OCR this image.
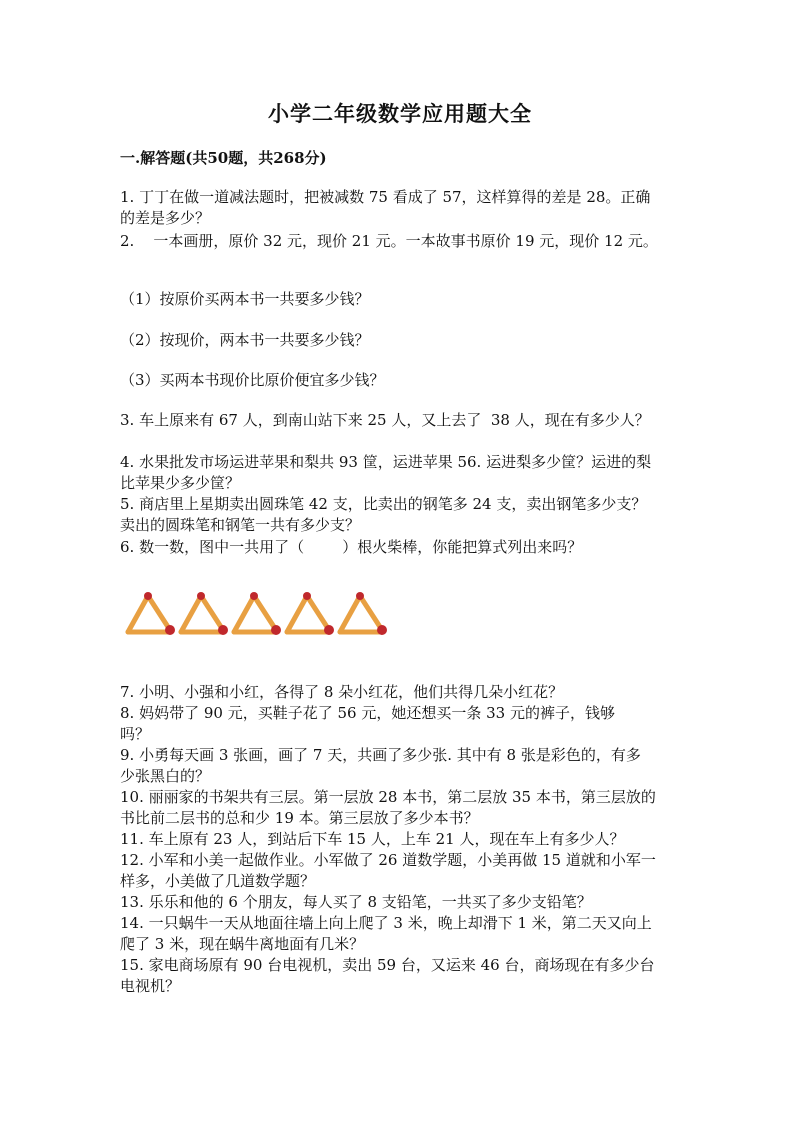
小学二年级数学应用题大全
一.解答题(共50题，共268分)
1. 丁丁在做一道减法题时，把被减数 75 看成了 57，这样算得的差是 28。正确
的差是多少？
2.    一本画册，原价 32 元，现价 21 元。一本故事书原价 19 元，现价 12 元。
（1）按原价买两本书一共要多少钱？
（2）按现价，两本书一共要多少钱？
（3）买两本书现价比原价便宜多少钱？
3. 车上原来有 67 人，到南山站下来 25 人，又上去了  38 人，现在有多少人？
4. 水果批发市场运进苹果和梨共 93 筐，运进苹果 56. 运进梨多少筐？运进的梨
比苹果少多少筐？
5. 商店里上星期卖出圆珠笔 42 支，比卖出的钢笔多 24 支，卖出钢笔多少支？
卖出的圆珠笔和钢笔一共有多少支？
6. 数一数，图中一共用了（        ）根火柴棒，你能把算式列出来吗？
7. 小明、小强和小红，各得了 8 朵小红花，他们共得几朵小红花？
8. 妈妈带了 90 元，买鞋子花了 56 元，她还想买一条 33 元的裤子，钱够
吗？
9. 小勇每天画 3 张画，画了 7 天，共画了多少张. 其中有 8 张是彩色的，有多
少张黑白的？
10. 丽丽家的书架共有三层。第一层放 28 本书，第二层放 35 本书，第三层放的
书比前二层书的总和少 19 本。第三层放了多少本书？
11. 车上原有 23 人，到站后下车 15 人，上车 21 人，现在车上有多少人？
12. 小军和小美一起做作业。小军做了 26 道数学题，小美再做 15 道就和小军一
样多，小美做了几道数学题？
13. 乐乐和他的 6 个朋友，每人买了 8 支铅笔，一共买了多少支铅笔？
14. 一只蜗牛一天从地面往墙上向上爬了 3 米，晚上却滑下 1 米，第二天又向上
爬了 3 米，现在蜗牛离地面有几米？
15. 家电商场原有 90 台电视机，卖出 59 台，又运来 46 台，商场现在有多少台
电视机？
